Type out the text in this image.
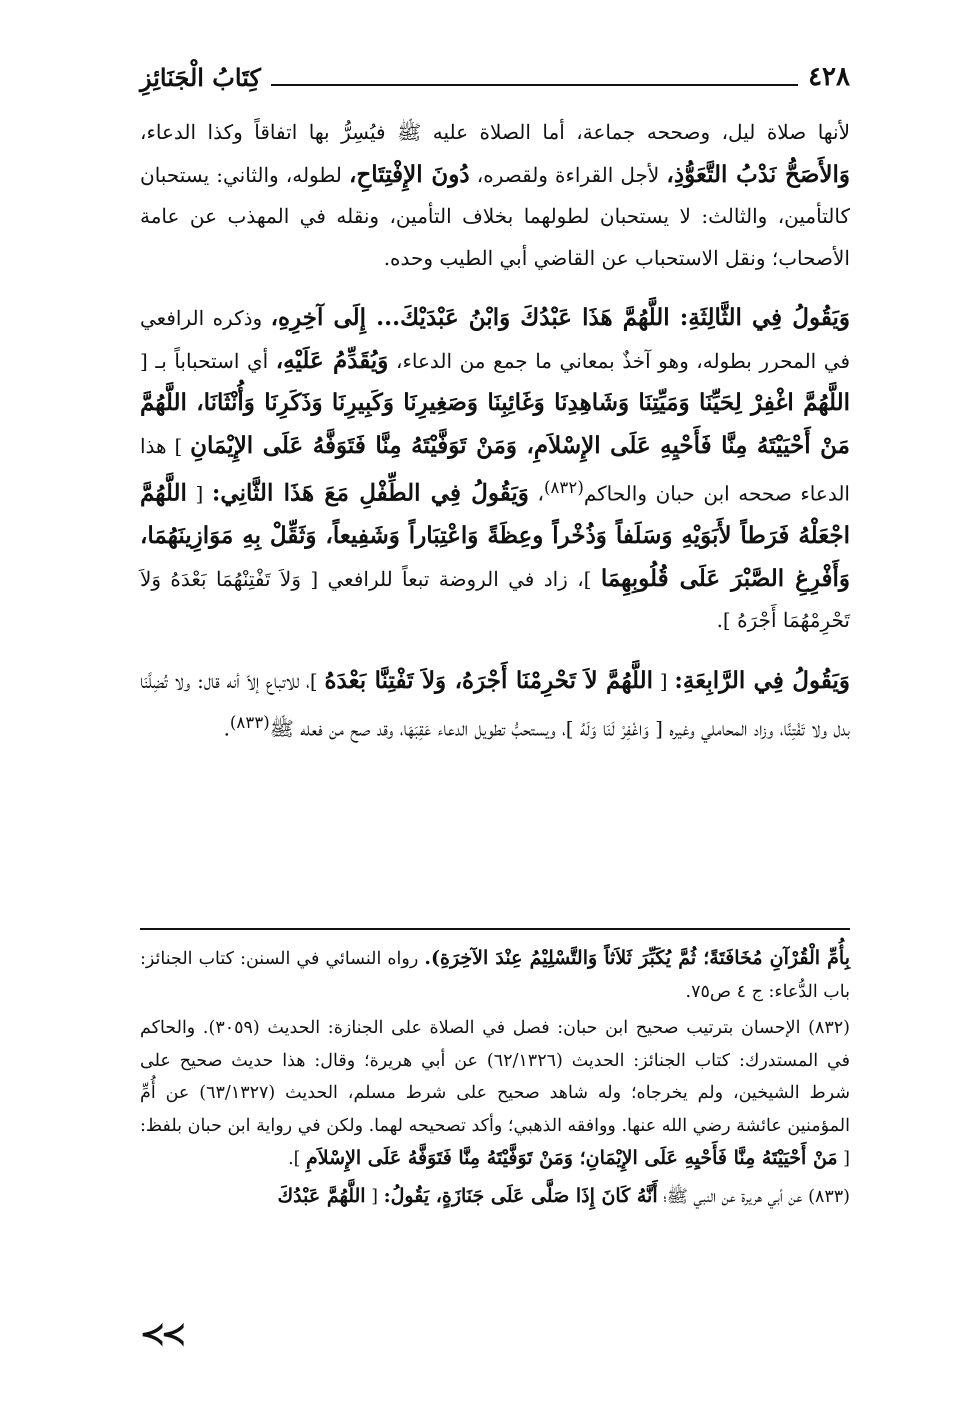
٤٢٨
كِتَابُ الْجَنَائِزِ

لأنها صلاة ليل، وصححه جماعة، أما الصلاة عليه ﷺ فيُسِرُّ بها اتفاقاً وكذا الدعاء، وَالأَصَحُّ نَدْبُ التَّعَوُّذِ، لأجل القراءة ولقصره، دُونَ الإِفْتِتَاحِ، لطوله، والثاني: يستحبان كالتأمين، والثالث: لا يستحبان لطولهما بخلاف التأمين، ونقله في المهذب عن عامة الأصحاب؛ ونقل الاستحباب عن القاضي أبي الطيب وحده.

وَيَقُولُ فِي الثَّالِثَةِ: اللَّهُمَّ هَذَا عَبْدُكَ وَابْنُ عَبْدَيْكَ... إِلَى آخِرِهِ، وذكره الرافعي في المحرر بطوله، وهو آخذٌ بمعاني ما جمع من الدعاء، وَيُقَدِّمُ عَلَيْهِ، أي استحباباً بـ [ اللَّهُمَّ اغْفِرْ لِحَيِّنَا وَمَيِّتِنَا وَشَاهِدِنَا وَغَائِبِنَا وَصَغِيرِنَا وَكَبِيرِنَا وَذَكَرِنَا وَأُنْثَانَا، اللَّهُمَّ مَنْ أَحْيَيْتَهُ مِنَّا فَأَحْيِهِ عَلَى الإِسْلاَمِ، وَمَنْ تَوَفَّيْتَهُ مِنَّا فَتَوَفَّهُ عَلَى الإِيْمَانِ ] هذا الدعاء صححه ابن حبان والحاكم$^{(٨٣٢)}$، وَيَقُولُ فِي الطِّفْلِ مَعَ هَذَا الثَّانِي: [ اللَّهُمَّ اجْعَلْهُ فَرَطاً لأَبَوَيْهِ وَسَلَفاً وَذُخْراً وعِظَةً وَاعْتِبَاراً وَشَفِيعاً، وَثَقِّلْ بِهِ مَوَازِينَهُمَا، وَأَفْرِغِ الصَّبْرَ عَلَى قُلُوبِهِمَا ]، زاد في الروضة تبعاً للرافعي [ وَلاَ تَفْتِنْهُمَا بَعْدَهُ وَلاَ تَحْرِمْهُمَا أَجْرَهُ ].

وَيَقُولُ فِي الرَّابِعَةِ: [ اللَّهُمَّ لاَ تَحْرِمْنَا أَجْرَهُ، وَلاَ تَفْتِنَّا بَعْدَهُ ]، للاتباع إلاّ أنه قال: ولا تُضِلَّنَا بدل ولا تَفْتِنَّا، وزاد المحاملي وغيره [ وَاغْفِرْ لَنَا وَلَهُ ]، ويستحبُّ تطويل الدعاء عَقِبَهَا، وقد صح من فعله ﷺ$^{(٨٣٣)}$.

بِأُمِّ الْقُرْآنِ مُخَافَتَةً؛ ثُمَّ يُكَبِّرَ ثَلاَثاً وَالتَّسْلِيْمُ عِنْدَ الآخِرَةِ). رواه النسائي في السنن: كتاب الجنائز: باب الدُّعاء: ج ٤ ص٧٥.

(٨٣٢) الإحسان بترتيب صحيح ابن حبان: فصل في الصلاة على الجنازة: الحديث (٣٠٥٩). والحاكم في المستدرك: كتاب الجنائز: الحديث (٦٢/١٣٢٦) عن أبي هريرة؛ وقال: هذا حديث صحيح على شرط الشيخين، ولم يخرجاه؛ وله شاهد صحيح على شرط مسلم، الحديث (٦٣/١٣٢٧) عن أُمِّ المؤمنين عائشة رضي الله عنها. ووافقه الذهبي؛ وأكد تصحيحه لهما. ولكن في رواية ابن حبان بلفظ: [ مَنْ أَحْيَيْتَهُ مِنَّا فَأَحْيِهِ عَلَى الإِيْمَانِ؛ وَمَنْ تَوَفَّيْتَهُ مِنَّا فَتَوَفَّهُ عَلَى الإِسْلاَمِ ].

(٨٣٣) عن أبي هريرة عن النبي ﷺ؛ أَنَّهُ كَانَ إِذَا صَلَّى عَلَى جَنَازَةٍ، يَقُولُ: [ اللَّهُمَّ عَبْدُكَ

≺≺
